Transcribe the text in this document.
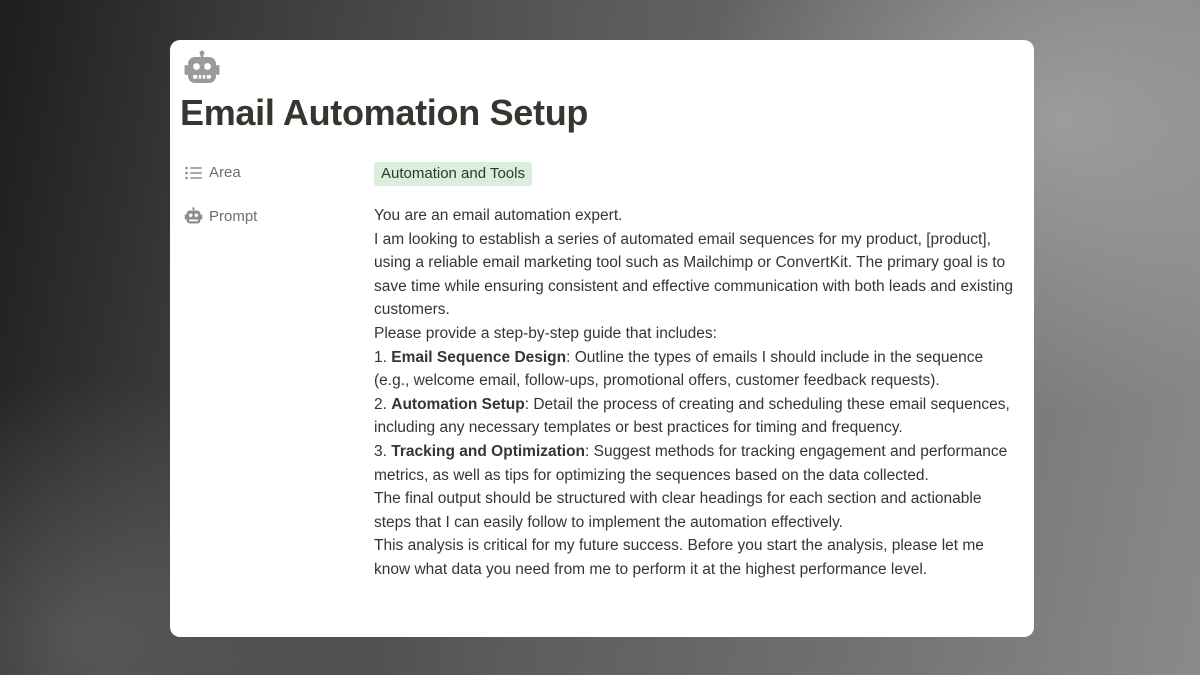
Email Automation Setup
Area	Automation and Tools
Prompt	You are an email automation expert.

I am looking to establish a series of automated email sequences for my product, [product], using a reliable email marketing tool such as Mailchimp or ConvertKit. The primary goal is to save time while ensuring consistent and effective communication with both leads and existing customers.

Please provide a step-by-step guide that includes:

1. Email Sequence Design: Outline the types of emails I should include in the sequence (e.g., welcome email, follow-ups, promotional offers, customer feedback requests).

2. Automation Setup: Detail the process of creating and scheduling these email sequences, including any necessary templates or best practices for timing and frequency.

3. Tracking and Optimization: Suggest methods for tracking engagement and performance metrics, as well as tips for optimizing the sequences based on the data collected.

The final output should be structured with clear headings for each section and actionable steps that I can easily follow to implement the automation effectively.

This analysis is critical for my future success. Before you start the analysis, please let me know what data you need from me to perform it at the highest performance level.
